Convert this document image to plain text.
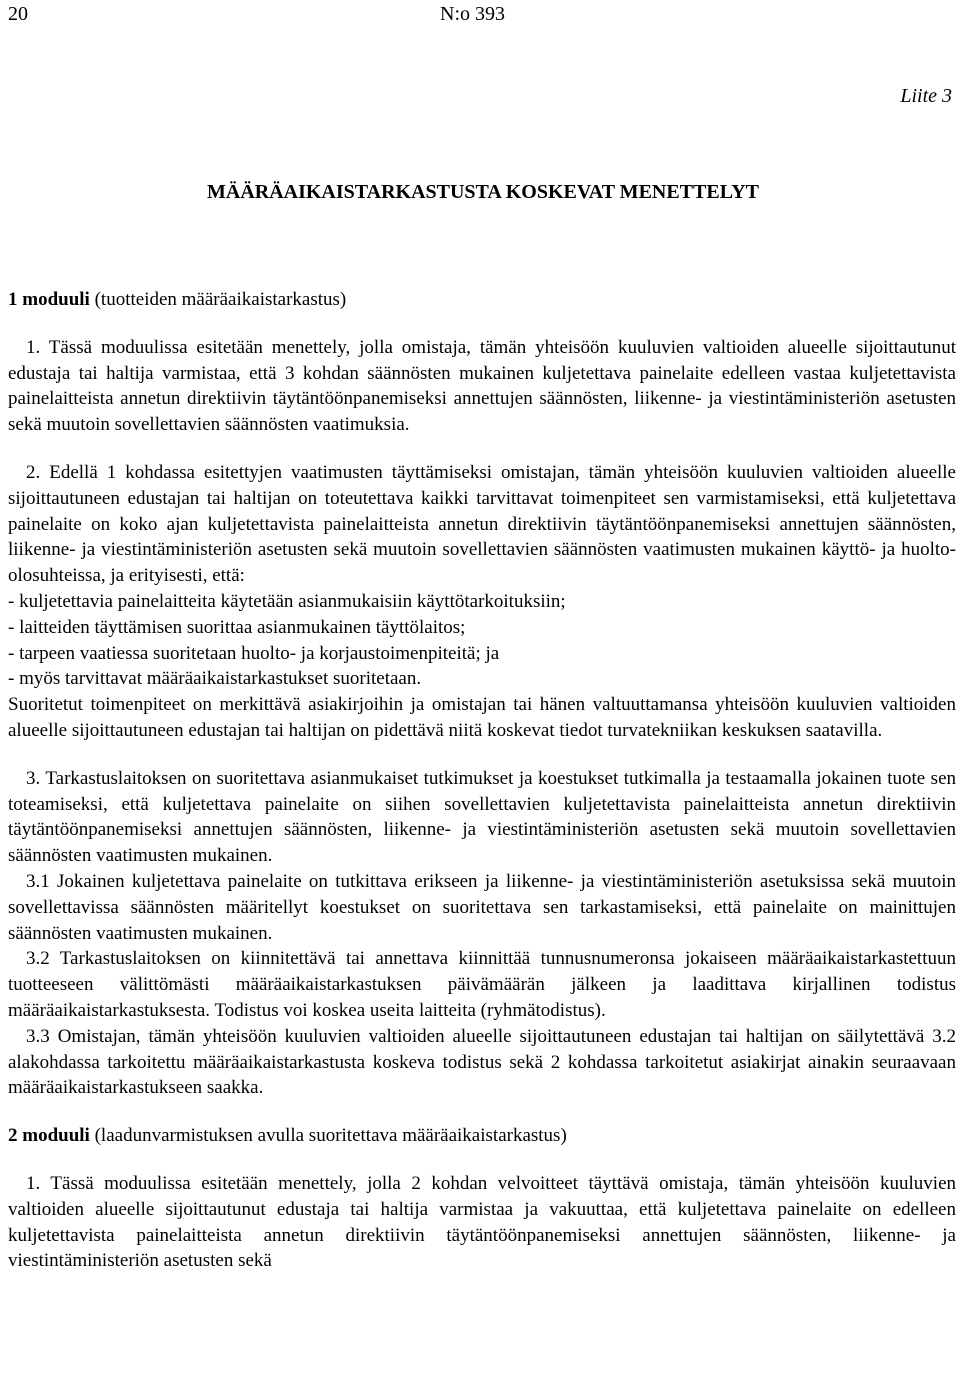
20	N:o 393
Liite 3
MÄÄRÄAIKAISTARKASTUSTA KOSKEVAT MENETTELYT

1 moduuli (tuotteiden määräaikaistarkastus)

1. Tässä moduulissa esitetään menettely, jolla omistaja, tämän yhteisöön kuuluvien valtioiden alueelle sijoittautunut edustaja tai haltija varmistaa, että 3 kohdan säännösten mukainen kuljetettava painelaite edelleen vastaa kuljetettavista painelaitteista annetun direktiivin täytäntöönpanemiseksi annettujen säännösten, liikenne- ja viestintäministeriön asetusten sekä muutoin sovellettavien säännösten vaatimuksia.

2. Edellä 1 kohdassa esitettyjen vaatimusten täyttämiseksi omistajan, tämän yhteisöön kuuluvien valtioiden alueelle sijoittautuneen edustajan tai haltijan on toteutettava kaikki tarvittavat toimenpiteet sen varmistamiseksi, että kuljetettava painelaite on koko ajan kuljetettavista painelaitteista annetun direktiivin täytäntöönpanemiseksi annettujen säännösten, liikenne- ja viestintäministeriön asetusten sekä muutoin sovellettavien säännösten vaatimusten mukainen käyttö- ja huolto-olosuhteissa, ja erityisesti, että:

- kuljetettavia painelaitteita käytetään asianmukaisiin käyttötarkoituksiin;

- laitteiden täyttämisen suorittaa asianmukainen täyttölaitos;

- tarpeen vaatiessa suoritetaan huolto- ja korjaustoimenpiteitä; ja

- myös tarvittavat määräaikaistarkastukset suoritetaan.

Suoritetut toimenpiteet on merkittävä asiakirjoihin ja omistajan tai hänen valtuuttamansa yhteisöön kuuluvien valtioiden alueelle sijoittautuneen edustajan tai haltijan on pidettävä niitä koskevat tiedot turvatekniikan keskuksen saatavilla.

3. Tarkastuslaitoksen on suoritettava asianmukaiset tutkimukset ja koestukset tutkimalla ja testaamalla jokainen tuote sen toteamiseksi, että kuljetettava painelaite on siihen sovellettavien kuljetettavista painelaitteista annetun direktiivin täytäntöönpanemiseksi annettujen säännösten, liikenne- ja viestintäministeriön asetusten sekä muutoin sovellettavien säännösten vaatimusten mukainen.

3.1 Jokainen kuljetettava painelaite on tutkittava erikseen ja liikenne- ja viestintäministeriön asetuksissa sekä muutoin sovellettavissa säännösten määritellyt koestukset on suoritettava sen tarkastamiseksi, että painelaite on mainittujen säännösten vaatimusten mukainen.

3.2 Tarkastuslaitoksen on kiinnitettävä tai annettava kiinnittää tunnusnumeronsa jokaiseen määräaikaistarkastettuun tuotteeseen välittömästi määräaikaistarkastuksen päivämäärän jälkeen ja laadittava kirjallinen todistus määräaikaistarkastuksesta. Todistus voi koskea useita laitteita (ryhmätodistus).

3.3 Omistajan, tämän yhteisöön kuuluvien valtioiden alueelle sijoittautuneen edustajan tai haltijan on säilytettävä 3.2 alakohdassa tarkoitettu määräaikaistarkastusta koskeva todistus sekä 2 kohdassa tarkoitetut asiakirjat ainakin seuraavaan määräaikaistarkastukseen saakka.

2 moduuli (laadunvarmistuksen avulla suoritettava määräaikaistarkastus)

1. Tässä moduulissa esitetään menettely, jolla 2 kohdan velvoitteet täyttävä omistaja, tämän yhteisöön kuuluvien valtioiden alueelle sijoittautunut edustaja tai haltija varmistaa ja vakuuttaa, että kuljetettava painelaite on edelleen kuljetettavista painelaitteista annetun direktiivin täytäntöönpanemiseksi annettujen säännösten, liikenne- ja viestintäministeriön asetusten sekä
